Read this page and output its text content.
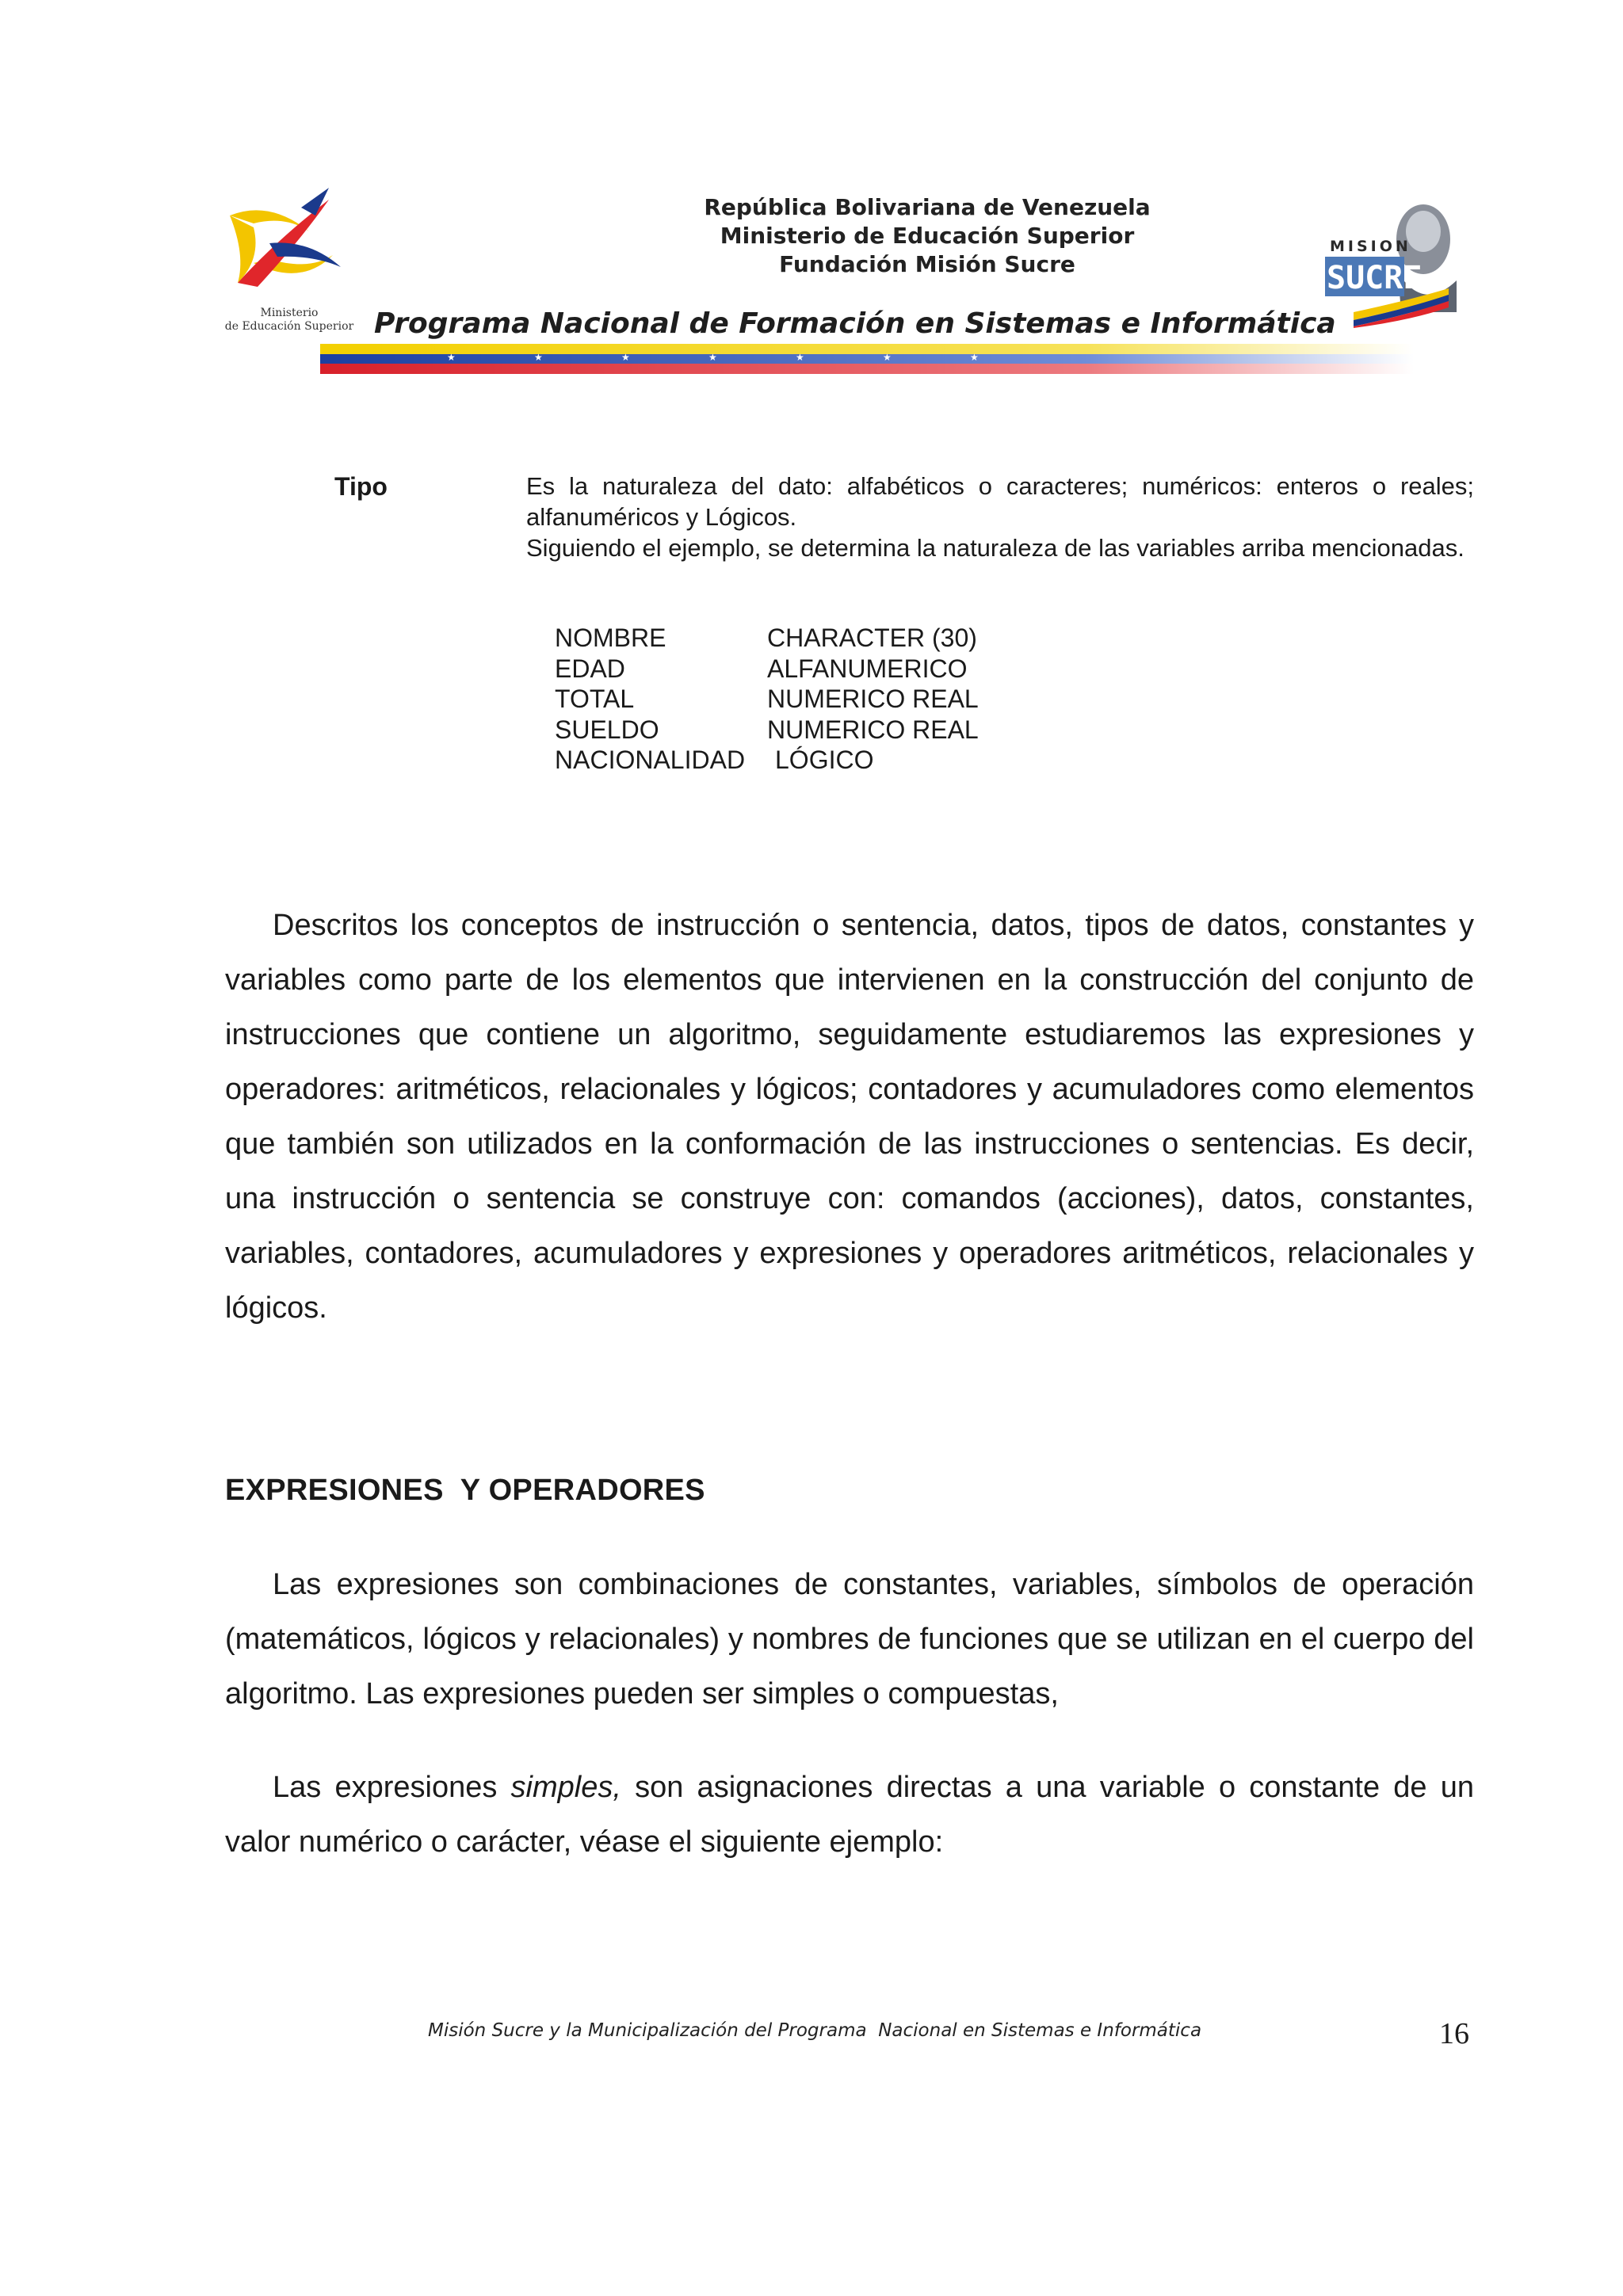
Ministerio
de Educación Superior
República Bolivariana de Venezuela
Ministerio de Educación Superior
Fundación Misión Sucre
MISION
SUCRE
Programa Nacional de Formación en Sistemas e Informática
★	★	★	★	★	★	★
Tipo	Es la naturaleza del dato: alfabéticos o caracteres; numéricos: enteros o reales; alfanuméricos y Lógicos.

Siguiendo el ejemplo, se determina la naturaleza de las variables arriba mencionadas.

NOMBRE	CHARACTER (30)
EDAD	ALFANUMERICO
TOTAL	NUMERICO REAL
SUELDO	NUMERICO REAL
NACIONALIDAD	LÓGICO

Descritos los conceptos de instrucción o sentencia, datos, tipos de datos, constantes y variables como parte de los elementos que intervienen en la construcción del conjunto de instrucciones que contiene un algoritmo, seguidamente estudiaremos las expresiones y operadores: aritméticos, relacionales y lógicos; contadores y acumuladores como elementos que también son utilizados en la conformación de las instrucciones o sentencias. Es decir, una instrucción o sentencia se construye con: comandos (acciones), datos, constantes, variables, contadores, acumuladores y expresiones y operadores aritméticos, relacionales y lógicos.

EXPRESIONES  Y OPERADORES

Las expresiones son combinaciones de constantes, variables, símbolos de operación (matemáticos, lógicos y relacionales) y nombres de funciones que se utilizan en el cuerpo del algoritmo. Las expresiones pueden ser simples o compuestas,

Las expresiones simples, son asignaciones directas a una variable o constante de un valor numérico o carácter, véase el siguiente ejemplo:

Misión Sucre y la Municipalización del Programa  Nacional en Sistemas e Informática	16
